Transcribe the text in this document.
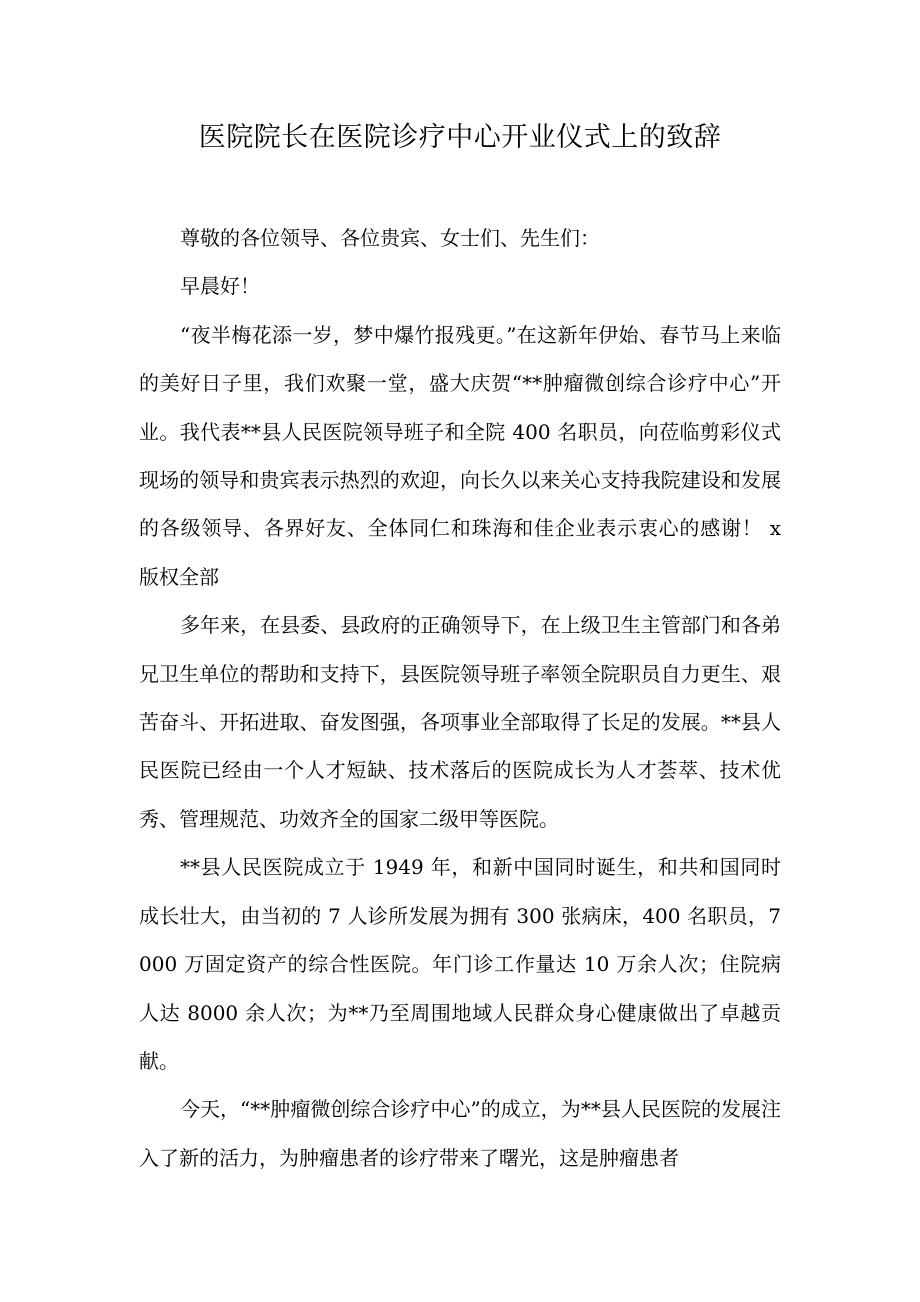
医院院长在医院诊疗中心开业仪式上的致辞

尊敬的各位领导、各位贵宾、女士们、先生们：

早晨好！

“夜半梅花添一岁，梦中爆竹报残更。”在这新年伊始、春节马上来临的美好日子里，我们欢聚一堂，盛大庆贺“**肿瘤微创综合诊疗中心”开业。我代表**县人民医院领导班子和全院 400 名职员，向莅临剪彩仪式现场的领导和贵宾表示热烈的欢迎，向长久以来关心支持我院建设和发展的各级领导、各界好友、全体同仁和珠海和佳企业表示衷心的感谢！ x 版权全部

多年来，在县委、县政府的正确领导下，在上级卫生主管部门和各弟兄卫生单位的帮助和支持下，县医院领导班子率领全院职员自力更生、艰苦奋斗、开拓进取、奋发图强，各项事业全部取得了长足的发展。**县人民医院已经由一个人才短缺、技术落后的医院成长为人才荟萃、技术优秀、管理规范、功效齐全的国家二级甲等医院。

**县人民医院成立于 1949 年，和新中国同时诞生，和共和国同时成长壮大，由当初的 7 人诊所发展为拥有 300 张病床，400 名职员，7000 万固定资产的综合性医院。年门诊工作量达 10 万余人次；住院病人达 8000 余人次；为**乃至周围地域人民群众身心健康做出了卓越贡献。

今天，“**肿瘤微创综合诊疗中心”的成立，为**县人民医院的发展注入了新的活力，为肿瘤患者的诊疗带来了曙光，这是肿瘤患者
